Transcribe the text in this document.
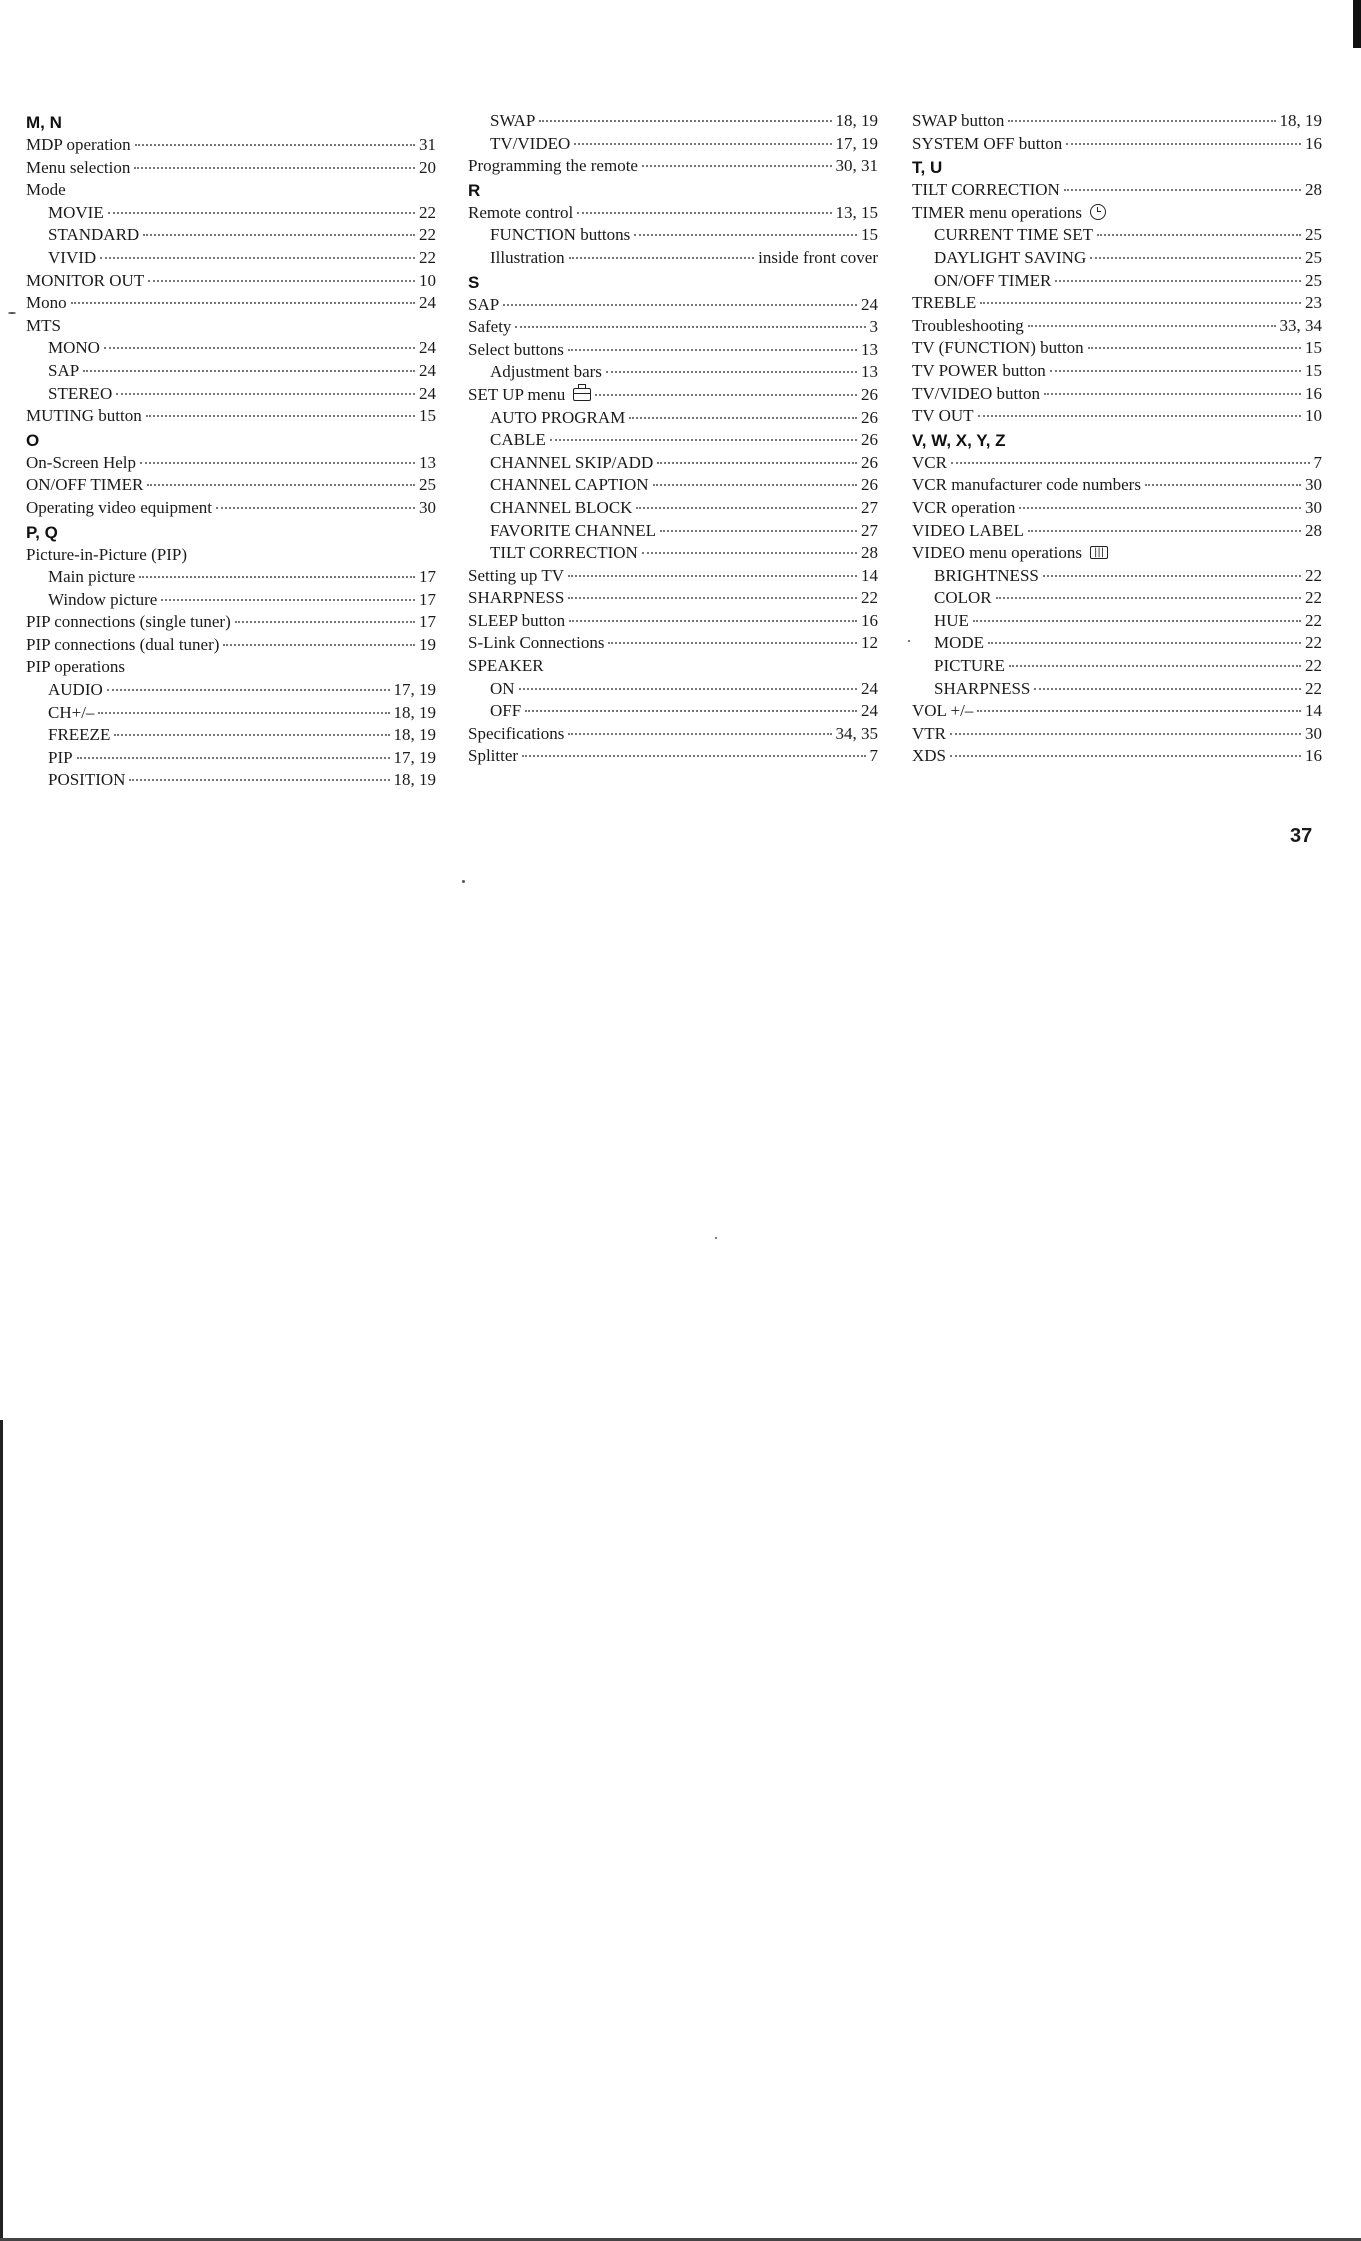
M, N
MDP operation	31
Menu selection	20
Mode
MOVIE	22
STANDARD	22
VIVID	22
MONITOR OUT	10
Mono	24
MTS
MONO	24
SAP	24
STEREO	24
MUTING button	15
O
On-Screen Help	13
ON/OFF TIMER	25
Operating video equipment	30
P, Q
Picture-in-Picture (PIP)
Main picture	17
Window picture	17
PIP connections (single tuner)	17
PIP connections (dual tuner)	19
PIP operations
AUDIO	17, 19
CH+/–	18, 19
FREEZE	18, 19
PIP	17, 19
POSITION	18, 19
SWAP	18, 19
TV/VIDEO	17, 19
Programming the remote	30, 31
R
Remote control	13, 15
FUNCTION buttons	15
Illustration	inside front cover
S
SAP	24
Safety	3
Select buttons	13
Adjustment bars	13
SET UP menu	26
AUTO PROGRAM	26
CABLE	26
CHANNEL SKIP/ADD	26
CHANNEL CAPTION	26
CHANNEL BLOCK	27
FAVORITE CHANNEL	27
TILT CORRECTION	28
Setting up TV	14
SHARPNESS	22
SLEEP button	16
S-Link Connections	12
SPEAKER
ON	24
OFF	24
Specifications	34, 35
Splitter	7
SWAP button	18, 19
SYSTEM OFF button	16
T, U
TILT CORRECTION	28
TIMER menu operations
CURRENT TIME SET	25
DAYLIGHT SAVING	25
ON/OFF TIMER	25
TREBLE	23
Troubleshooting	33, 34
TV (FUNCTION) button	15
TV POWER button	15
TV/VIDEO button	16
TV OUT	10
V, W, X, Y, Z
VCR	7
VCR manufacturer code numbers	30
VCR operation	30
VIDEO LABEL	28
VIDEO menu operations
|||
BRIGHTNESS	22
COLOR	22
HUE	22
MODE	22
PICTURE	22
SHARPNESS	22
VOL +/–	14
VTR	30
XDS	16
37
